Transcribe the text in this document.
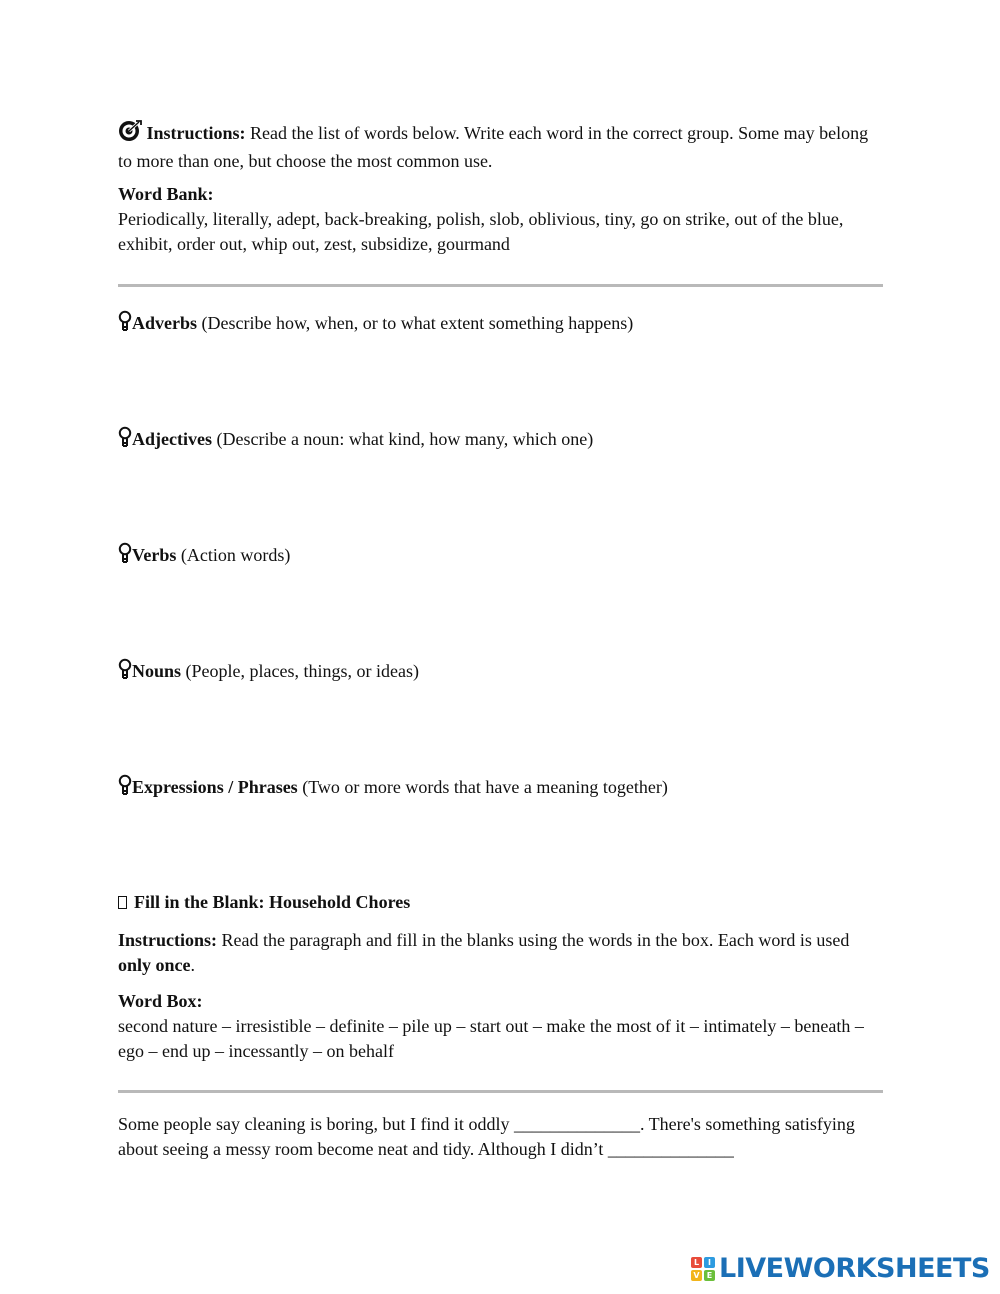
Instructions: Read the list of words below. Write each word in the correct group. Some may belong to more than one, but choose the most common use.

Word Bank:
Periodically, literally, adept, back-breaking, polish, slob, oblivious, tiny, go on strike, out of the blue, exhibit, order out, whip out, zest, subsidize, gourmand

Adverbs (Describe how, when, or to what extent something happens)

Adjectives (Describe a noun: what kind, how many, which one)

Verbs (Action words)

Nouns (People, places, things, or ideas)

Expressions / Phrases (Two or more words that have a meaning together)

Fill in the Blank: Household Chores

Instructions: Read the paragraph and fill in the blanks using the words in the box. Each word is used only once.

Word Box:
second nature – irresistible – definite – pile up – start out – make the most of it – intimately – beneath – ego – end up – incessantly – on behalf

Some people say cleaning is boring, but I find it oddly ______________. There's something satisfying about seeing a messy room become neat and tidy. Although I didn’t ______________

L	I
V E LIVEWORKSHEETS
